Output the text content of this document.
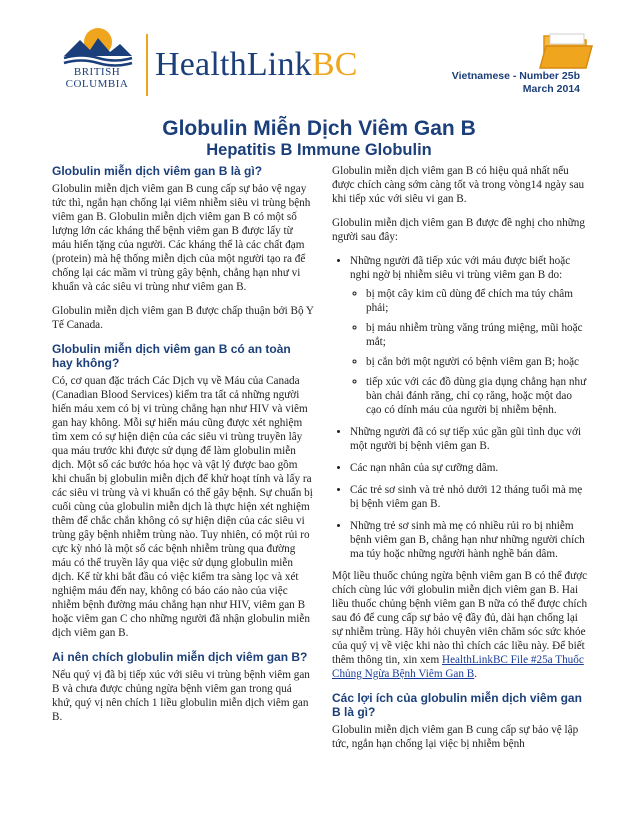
BRITISH
COLUMBIA
HealthLinkBC	Vietnamese - Number 25b
March 2014
Globulin Miễn Dịch Viêm Gan B
Hepatitis B Immune Globulin
Globulin miễn dịch viêm gan B là gì?

Globulin miễn dịch viêm gan B cung cấp sự bảo vệ ngay tức thì, ngắn hạn chống lại viêm nhiễm siêu vi trùng bệnh viêm gan B. Globulin miễn dịch viêm gan B có một số lượng lớn các kháng thể bệnh viêm gan B được lấy từ máu hiến tặng của người. Các kháng thể là các chất đạm (protein) mà hệ thống miễn dịch của một người tạo ra để chống lại các mầm vi trùng gây bệnh, chẳng hạn như vi khuẩn và các siêu vi trùng như viêm gan B.

Globulin miễn dịch viêm gan B được chấp thuận bởi Bộ Y Tế Canada.

Globulin miễn dịch viêm gan B có an toàn hay không?

Có, cơ quan đặc trách Các Dịch vụ về Máu của Canada (Canadian Blood Services) kiểm tra tất cả những người hiến máu xem có bị vi trùng chẳng hạn như HIV và viêm gan hay không. Mỗi sự hiến máu cũng được xét nghiệm tìm xem có sự hiện diện của các siêu vi trùng truyền lây qua máu trước khi được sử dụng để làm globulin miễn dịch. Một số các bước hóa học và vật lý được bao gồm khi chuẩn bị globulin miễn dịch để khử hoạt tính và lấy ra các siêu vi trùng và vi khuẩn có thể gây bệnh. Sự chuẩn bị cuối cùng của globulin miễn dịch là thực hiện xét nghiệm thêm để chắc chắn không có sự hiện diện của các siêu vi trùng gây bệnh nhiễm trùng nào. Tuy nhiên, có một rủi ro cực kỳ nhỏ là một số các bệnh nhiễm trùng qua đường máu có thể truyền lây qua việc sử dụng globulin miễn dịch. Kể từ khi bắt đầu có việc kiểm tra sàng lọc và xét nghiệm máu đến nay, không có báo cáo nào của việc nhiễm bệnh đường máu chẳng hạn như HIV, viêm gan B hoặc viêm gan C cho những người đã nhận globulin miễn dịch viêm gan B.

Ai nên chích globulin miễn dịch viêm gan B?

Nếu quý vị đã bị tiếp xúc với siêu vi trùng bệnh viêm gan B và chưa được chủng ngừa bệnh viêm gan trong quá khứ, quý vị nên chích 1 liều globulin miễn dịch viêm gan B.

Globulin miễn dịch viêm gan B có hiệu quả nhất nếu được chích càng sớm càng tốt và trong vòng14 ngày sau khi tiếp xúc với siêu vi gan B.

Globulin miễn dịch viêm gan B được đề nghị cho những người sau đây:

• Những người đã tiếp xúc với máu được biết hoặc nghi ngờ bị nhiễm siêu vi trùng viêm gan B do:
◦ bị một cây kim cũ dùng để chích ma túy châm phải;
◦ bị máu nhiễm trùng văng trúng miệng, mũi hoặc mắt;
◦ bị cắn bởi một người có bệnh viêm gan B; hoặc
◦ tiếp xúc với các đồ dùng gia dụng chẳng hạn như bàn chải đánh răng, chỉ cọ răng, hoặc một dao cạo có dính máu của người bị nhiễm bệnh.
• Những người đã có sự tiếp xúc gần gũi tình dục với một người bị bệnh viêm gan B.
• Các nạn nhân của sự cưỡng dâm.
• Các trẻ sơ sinh và trẻ nhỏ dưới 12 tháng tuổi mà mẹ bị bệnh viêm gan B.
• Những trẻ sơ sinh mà mẹ có nhiều rủi ro bị nhiễm bệnh viêm gan B, chẳng hạn như những người chích ma túy hoặc những người hành nghề bán dâm.

Một liều thuốc chủng ngừa bệnh viêm gan B có thể được chích cùng lúc với globulin miễn dịch viêm gan B. Hai liều thuốc chủng bệnh viêm gan B nữa có thể được chích sau đó để cung cấp sự bảo vệ đầy đủ, dài hạn chống lại sự nhiễm trùng. Hãy hỏi chuyên viên chăm sóc sức khỏe của quý vị về việc khi nào thì chích các liều này. Để biết thêm thông tin, xin xem HealthLinkBC File #25a Thuốc Chủng Ngừa Bệnh Viêm Gan B.

Các lợi ích của globulin miễn dịch viêm gan B là gì?

Globulin miễn dịch viêm gan B cung cấp sự bảo vệ lập tức, ngắn hạn chống lại việc bị nhiễm bệnh
